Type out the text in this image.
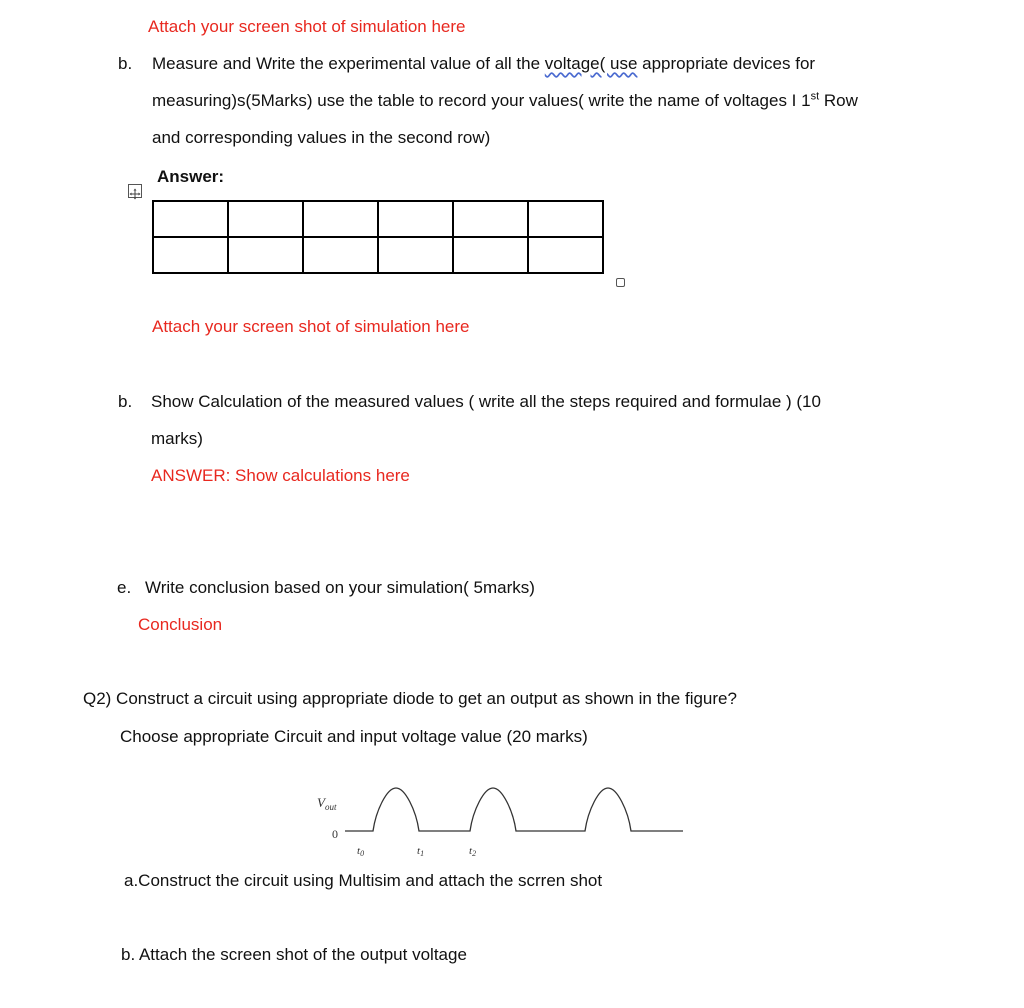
Attach your screen shot of simulation here
b. Measure and Write the experimental value of all the voltage( use appropriate devices for
measuring)s(5Marks) use the table to record your values( write the name of voltages I 1st Row
and corresponding values in the second row)
Answer:

Attach your screen shot of simulation here
b. Show Calculation of the measured values ( write all the steps required and formulae ) (10
marks)
ANSWER: Show calculations here
e. Write conclusion based on your simulation( 5marks)
Conclusion
Q2) Construct a circuit using appropriate diode to get an output as shown in the figure?
Choose appropriate Circuit and input voltage value (20 marks)
$V_{out}$
0
t0	t1	t2
a.Construct the circuit using Multisim and attach the scrren shot
b. Attach the screen shot of the output voltage
